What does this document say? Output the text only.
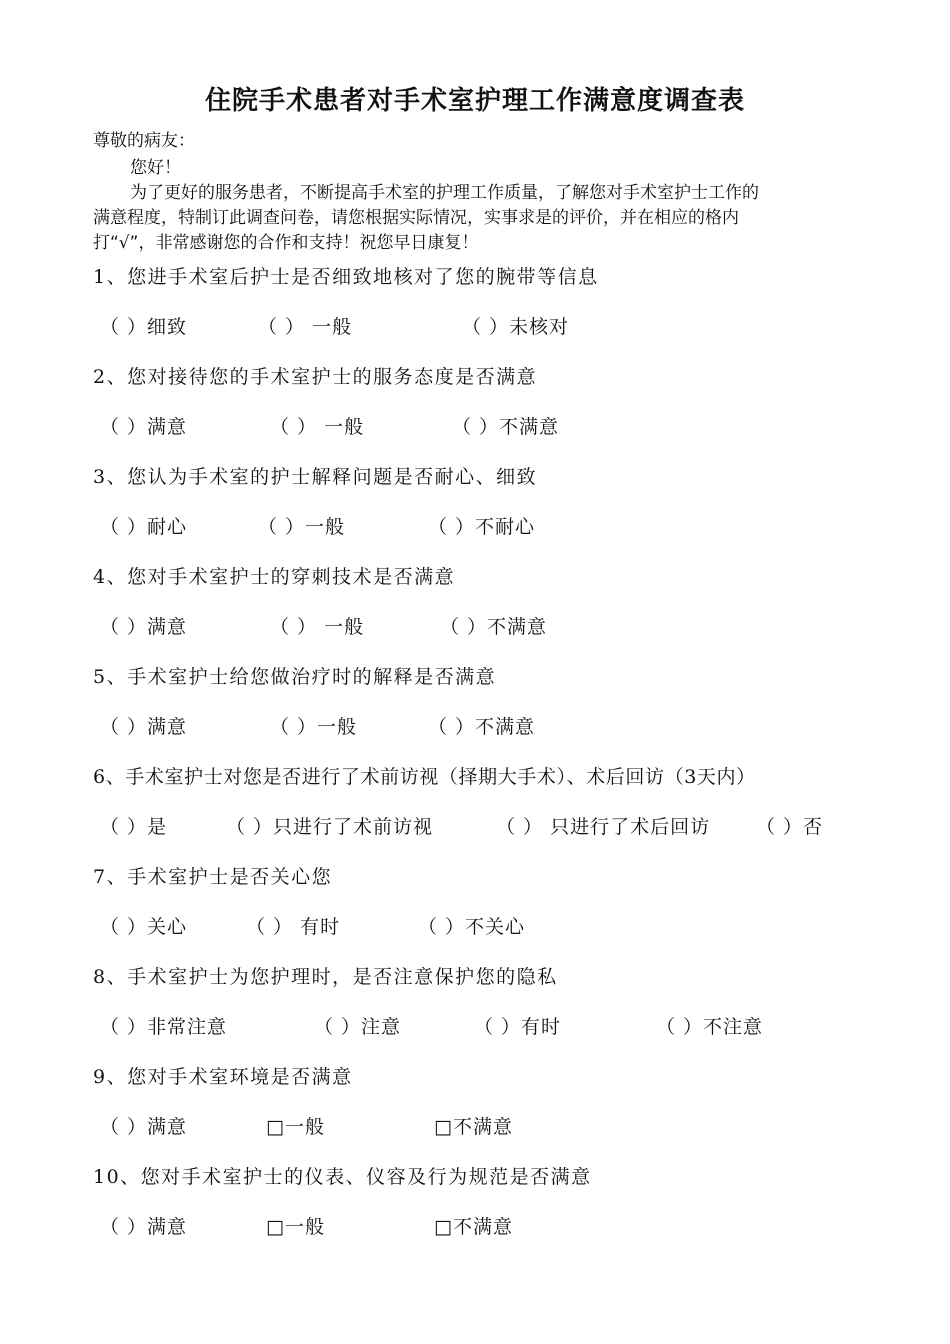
住院手术患者对手术室护理工作满意度调查表
尊敬的病友：
您好！
为了更好的服务患者，不断提高手术室的护理工作质量，了解您对手术室护士工作的
满意程度，特制订此调查问卷，请您根据实际情况，实事求是的评价，并在相应的格内
打“√”，非常感谢您的合作和支持！祝您早日康复！
1、您进手术室后护士是否细致地核对了您的腕带等信息
（ ）细致	（ ） 一般	（ ）未核对
2、您对接待您的手术室护士的服务态度是否满意
（ ）满意	（ ） 一般	（ ）不满意
3、您认为手术室的护士解释问题是否耐心、细致
（ ）耐心	（ ）一般	（ ）不耐心
4、您对手术室护士的穿刺技术是否满意
（ ）满意	（ ） 一般	（ ）不满意
5、手术室护士给您做治疗时的解释是否满意
（ ）满意	（ ）一般	（ ）不满意
6、手术室护士对您是否进行了术前访视（择期大手术）、术后回访（3天内）
（ ）是	（ ）只进行了术前访视	（ ） 只进行了术后回访 （ ）否
7、手术室护士是否关心您
（ ）关心	（ ） 有时	（ ）不关心
8、手术室护士为您护理时，是否注意保护您的隐私
（ ）非常注意	（ ）注意	（ ）有时	（ ）不注意
9、您对手术室环境是否满意
（ ）满意	□一般	□不满意
10、您对手术室护士的仪表、仪容及行为规范是否满意
（ ）满意	□一般	□不满意
